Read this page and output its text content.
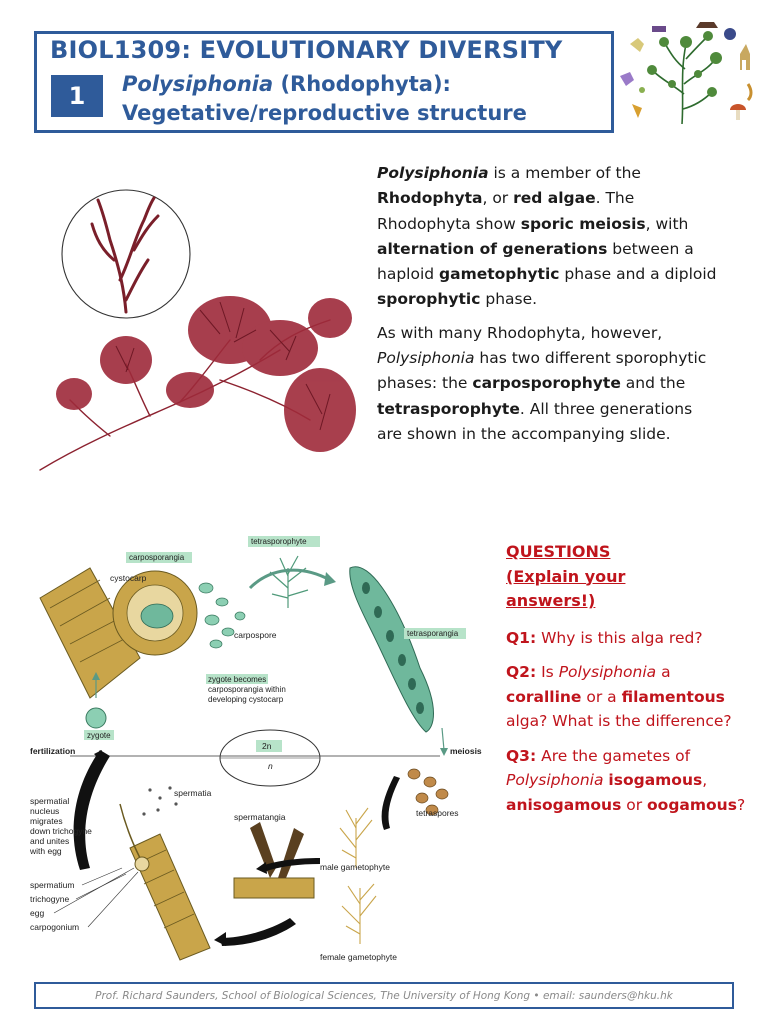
BIOL1309: EVOLUTIONARY DIVERSITY
1	Polysiphonia (Rhodophyta):
Vegetative/reproductive structure

Polysiphonia is a member of the Rhodophyta, or red algae. The Rhodophyta show sporic meiosis, with alternation of generations between a haploid gametophytic phase and a diploid sporophytic phase.

As with many Rhodophyta, however, Polysiphonia has two different sporophytic phases: the carposporophyte and the tetrasporophyte. All three generations are shown in the accompanying slide.

carposporangia
cystocarp
tetrasporophyte
carpospore	tetrasporangia
zygote becomes
carposporangia within
developing cystocarp
zygote
fertilization	2n
n
meiosis
spermatia
spermatial
nucleus
migrates
down trichogyne
and unites
with egg
spermatangia	tetraspores
male gametophyte
female gametophyte
spermatium
trichogyne
egg
carpogonium
QUESTIONS
(Explain your
answers!)
Q1: Why is this alga red?
Q2: Is Polysiphonia a coralline or a filamentous alga? What is the difference?
Q3: Are the gametes of Polysiphonia isogamous, anisogamous or oogamous?
Prof. Richard Saunders, School of Biological Sciences, The University of Hong Kong • email: saunders@hku.hk
